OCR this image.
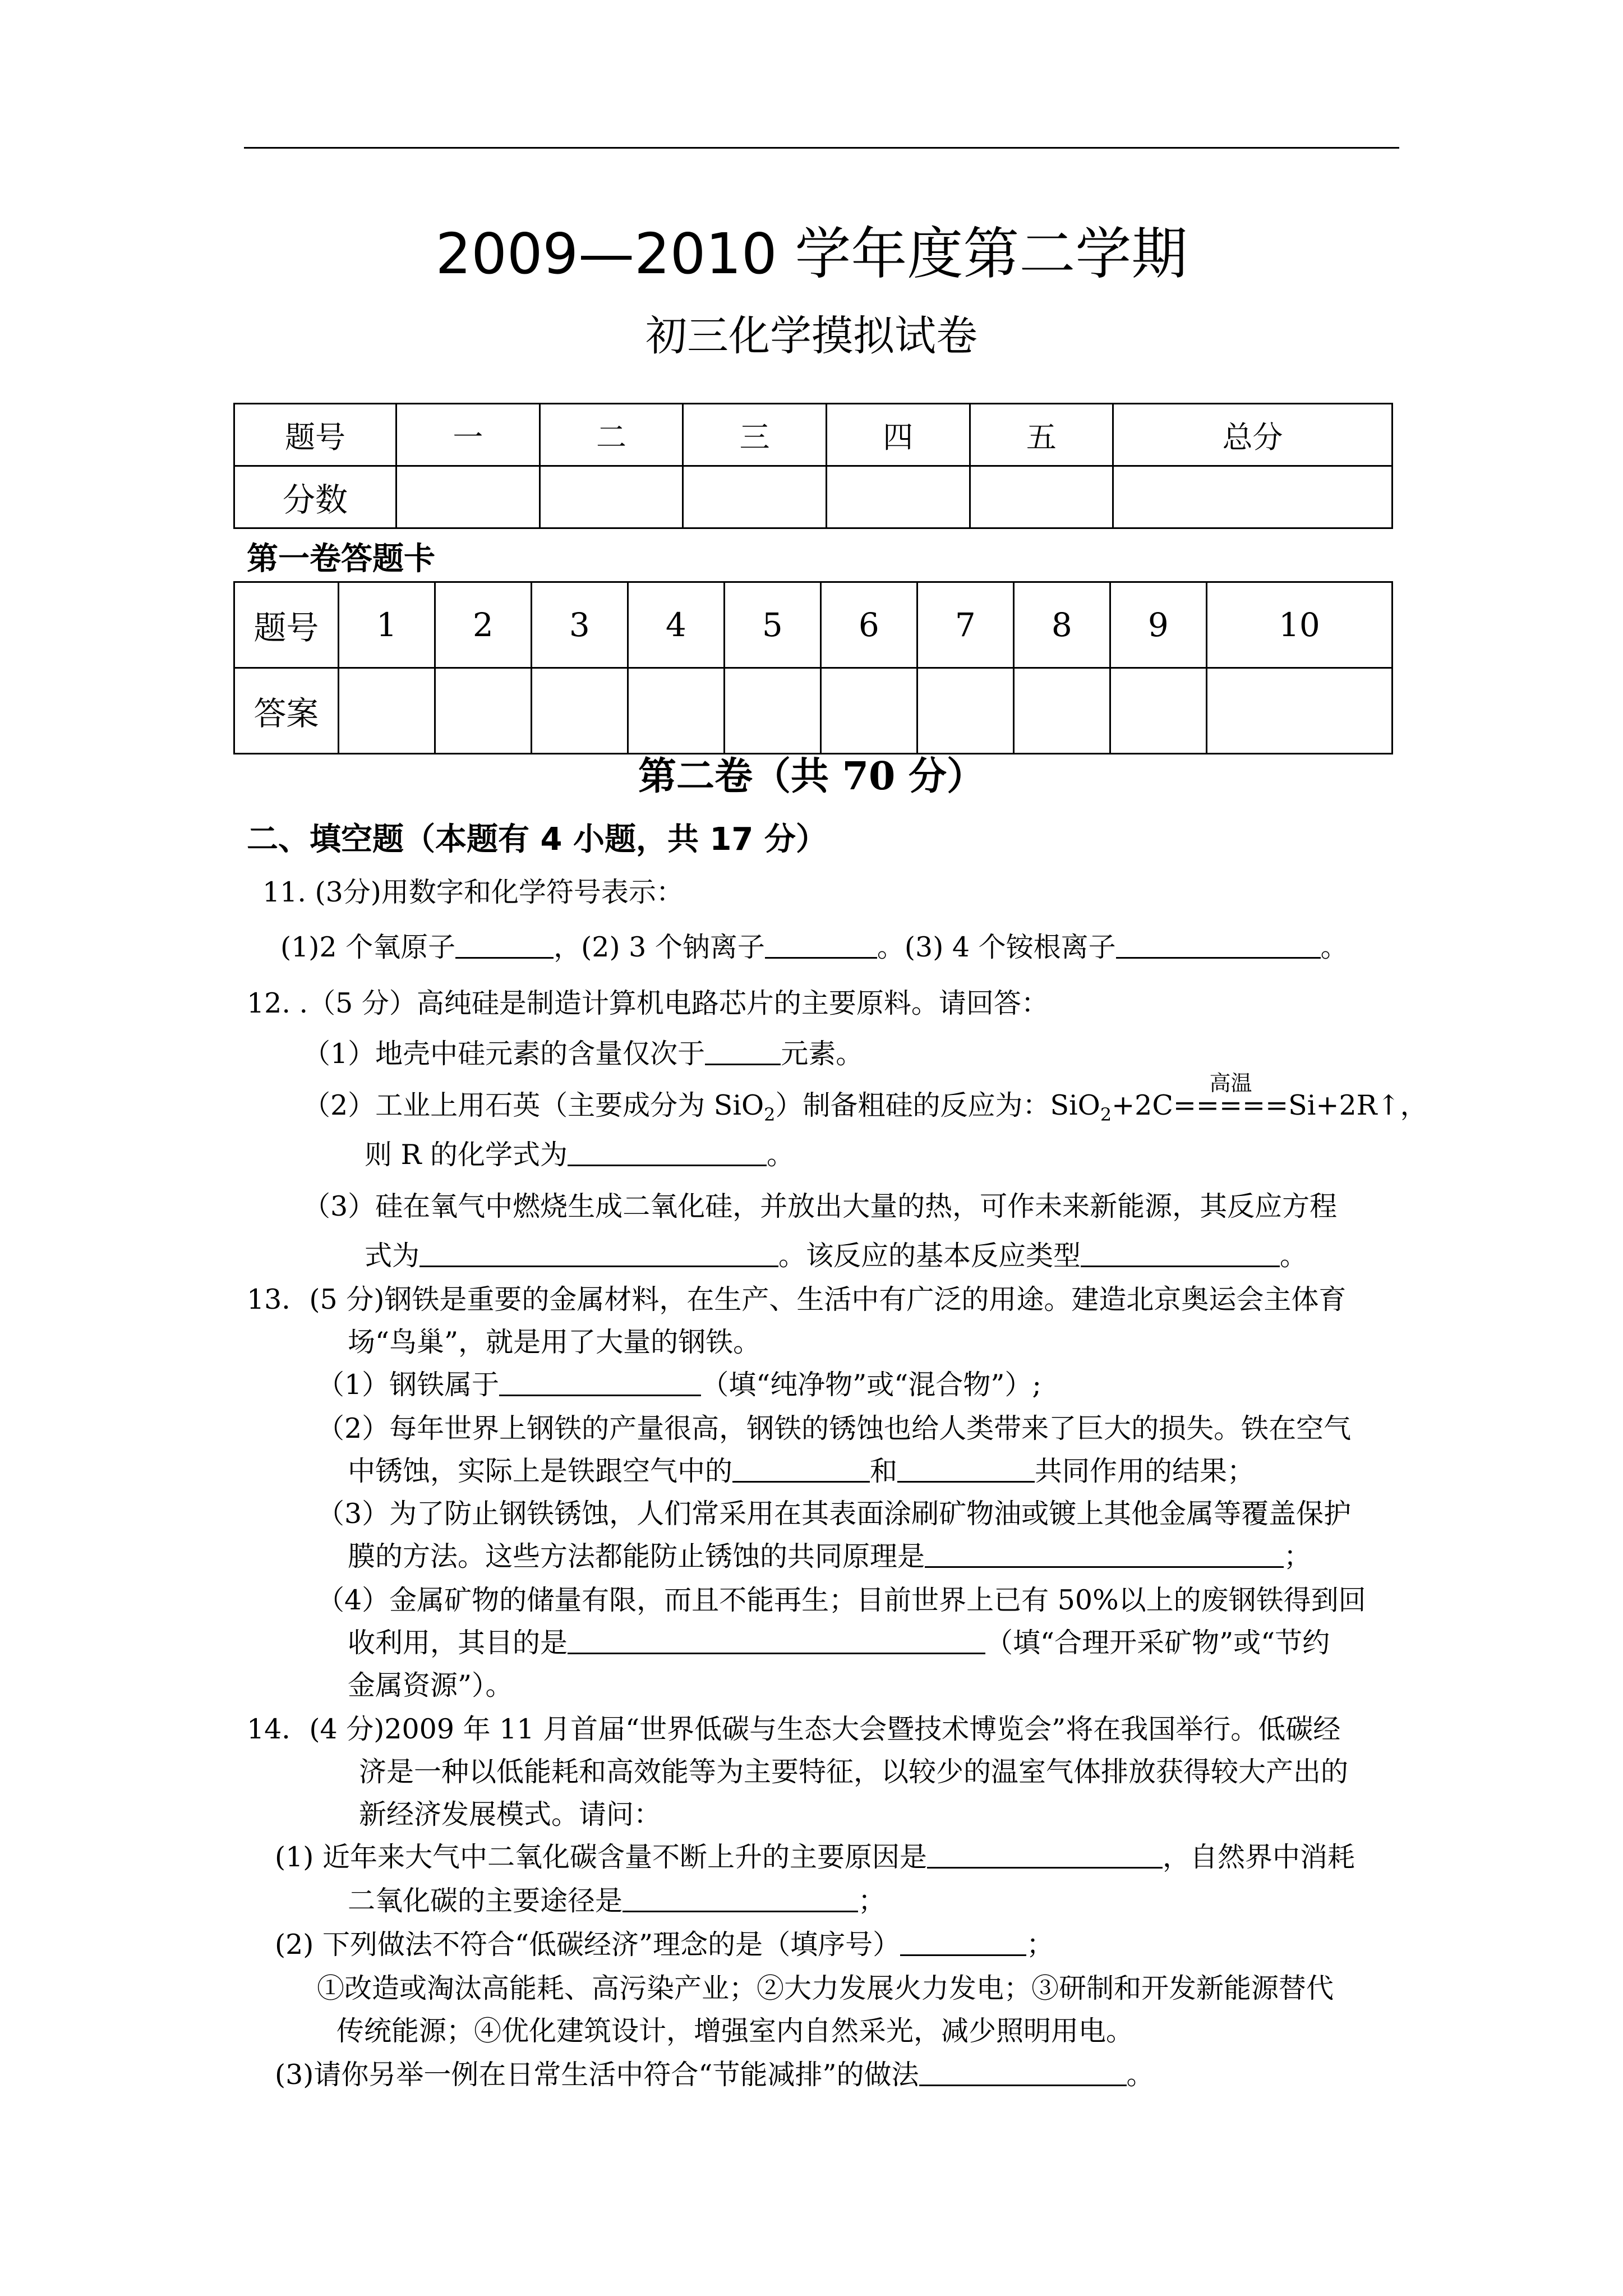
2009—2010 学年度第二学期
初三化学摸拟试卷
题号	一	二	三	四	五	总分
分数						
第一卷答题卡
题号	1	2	3	4	5	6	7	8	9	10
答案										
第二卷（共 70 分）
二、填空题（本题有 4 小题，共 17 分）
11. (3分)用数字和化学符号表示：
(1)2 个氧原子	，(2) 3 个钠离子	。(3) 4 个铵根离子	。
12. .（5 分）高纯硅是制造计算机电路芯片的主要原料。请回答：
（1）地壳中硅元素的含量仅次于	元素。
（2）工业上用石英（主要成分为 SiO$_2$）制备粗硅的反应为：SiO$_2$+2C
高温
=====Si+2R↑，
则 R 的化学式为	。
（3）硅在氧气中燃烧生成二氧化硅，并放出大量的热，可作未来新能源，其反应方程
式为	。该反应的基本反应类型	。
13．(5 分)钢铁是重要的金属材料，在生产、生活中有广泛的用途。建造北京奥运会主体育
场“鸟巢”，就是用了大量的钢铁。
（1）钢铁属于	（填“纯净物”或“混合物”）;
（2）每年世界上钢铁的产量很高，钢铁的锈蚀也给人类带来了巨大的损失。铁在空气
中锈蚀，实际上是铁跟空气中的	和	共同作用的结果；
（3）为了防止钢铁锈蚀，人们常采用在其表面涂刷矿物油或镀上其他金属等覆盖保护
膜的方法。这些方法都能防止锈蚀的共同原理是	；
（4）金属矿物的储量有限，而且不能再生；目前世界上已有 50%以上的废钢铁得到回
收利用，其目的是	（填“合理开采矿物”或“节约
金属资源”）。
14．(4 分)2009 年 11 月首届“世界低碳与生态大会暨技术博览会”将在我国举行。低碳经
济是一种以低能耗和高效能等为主要特征，以较少的温室气体排放获得较大产出的
新经济发展模式。请问：
(1) 近年来大气中二氧化碳含量不断上升的主要原因是	，自然界中消耗
二氧化碳的主要途径是	；
(2) 下列做法不符合“低碳经济”理念的是（填序号）	；
①改造或淘汰高能耗、高污染产业；②大力发展火力发电；③研制和开发新能源替代
传统能源；④优化建筑设计，增强室内自然采光，减少照明用电。
(3)请你另举一例在日常生活中符合“节能减排”的做法	。
